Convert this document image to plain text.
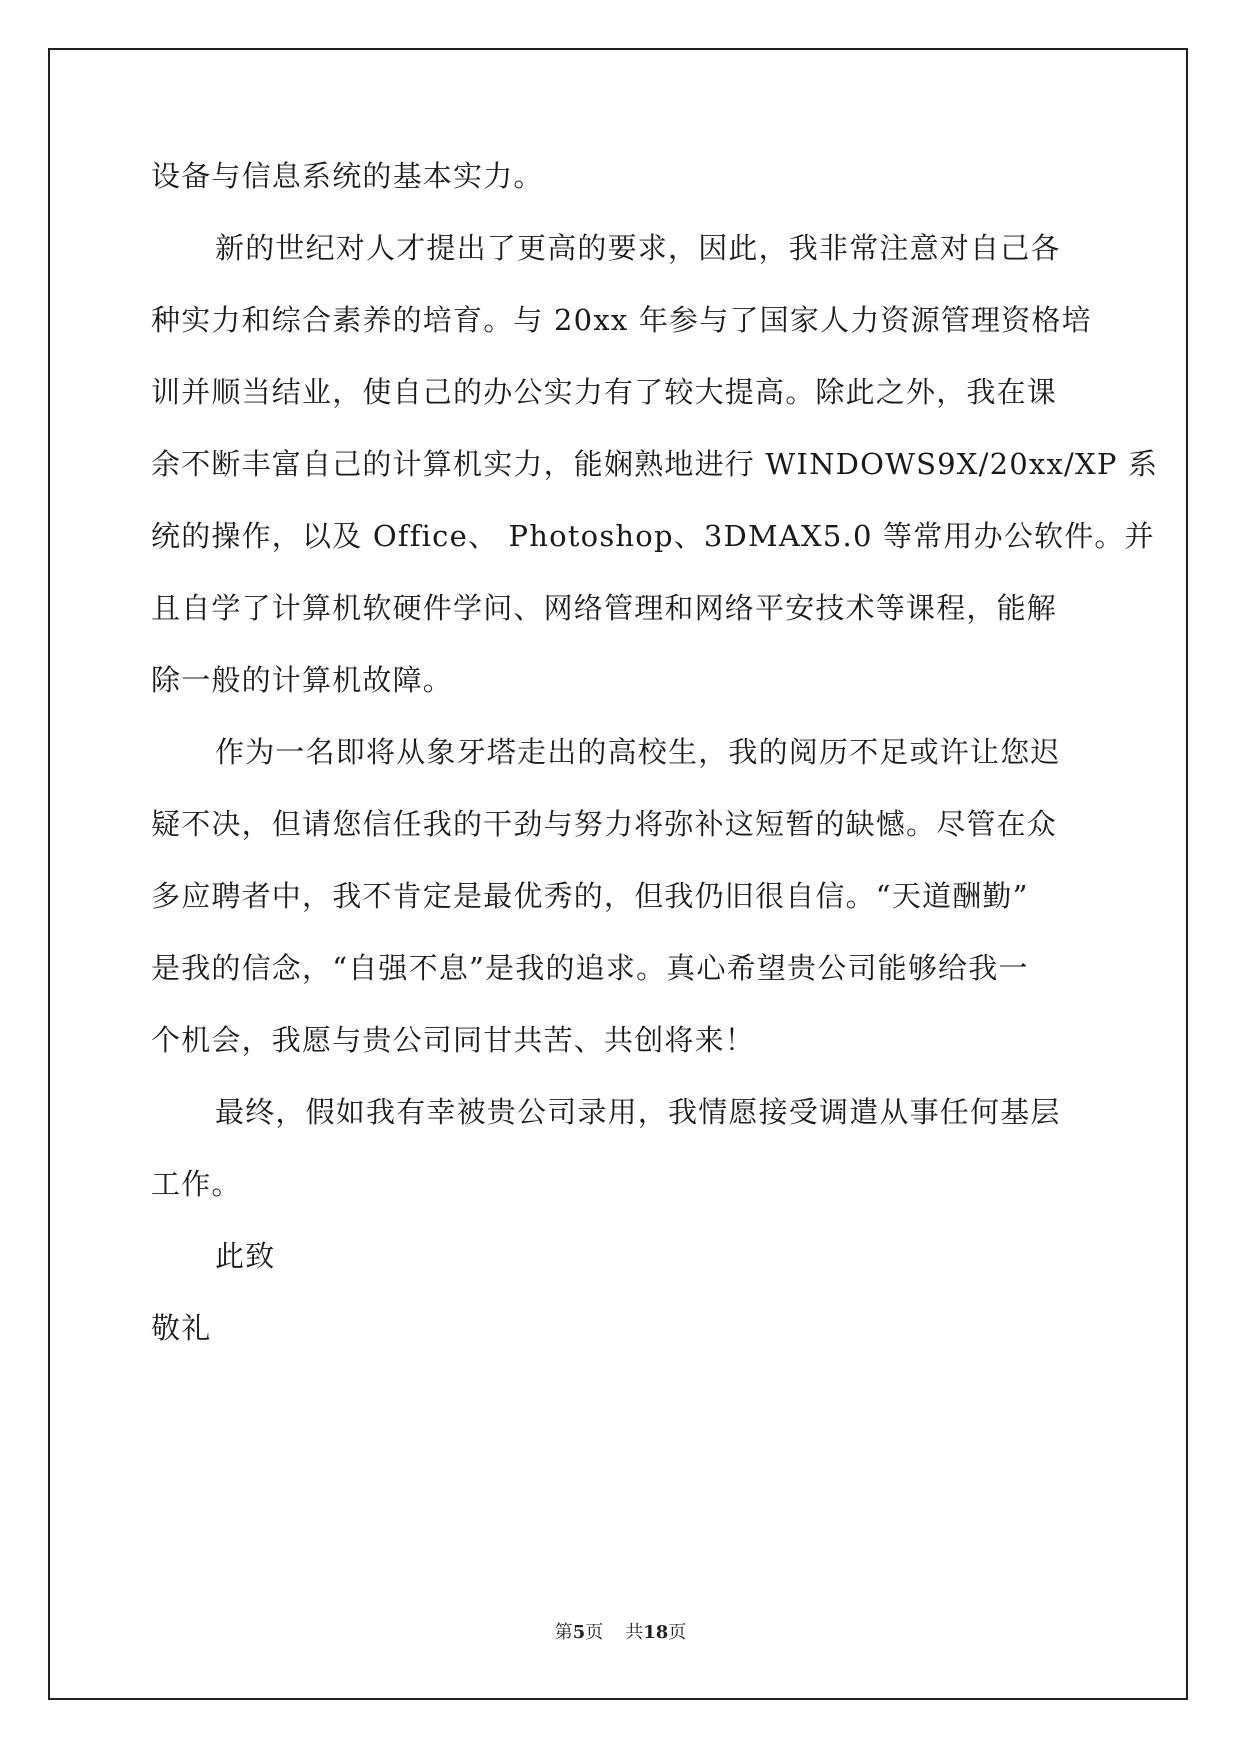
设备与信息系统的基本实力。
新的世纪对人才提出了更高的要求，因此，我非常注意对自己各
种实力和综合素养的培育。与 20xx 年参与了国家人力资源管理资格培
训并顺当结业，使自己的办公实力有了较大提高。除此之外，我在课
余不断丰富自己的计算机实力，能娴熟地进行 WINDOWS9X/20xx/XP 系
统的操作，以及 Office、 Photoshop、3DMAX5.0 等常用办公软件。并
且自学了计算机软硬件学问、网络管理和网络平安技术等课程，能解
除一般的计算机故障。
作为一名即将从象牙塔走出的高校生，我的阅历不足或许让您迟
疑不决，但请您信任我的干劲与努力将弥补这短暂的缺憾。尽管在众
多应聘者中，我不肯定是最优秀的，但我仍旧很自信。“天道酬勤”
是我的信念，“自强不息”是我的追求。真心希望贵公司能够给我一
个机会，我愿与贵公司同甘共苦、共创将来！
最终，假如我有幸被贵公司录用，我情愿接受调遣从事任何基层
工作。
此致
敬礼
第5页 共18页
